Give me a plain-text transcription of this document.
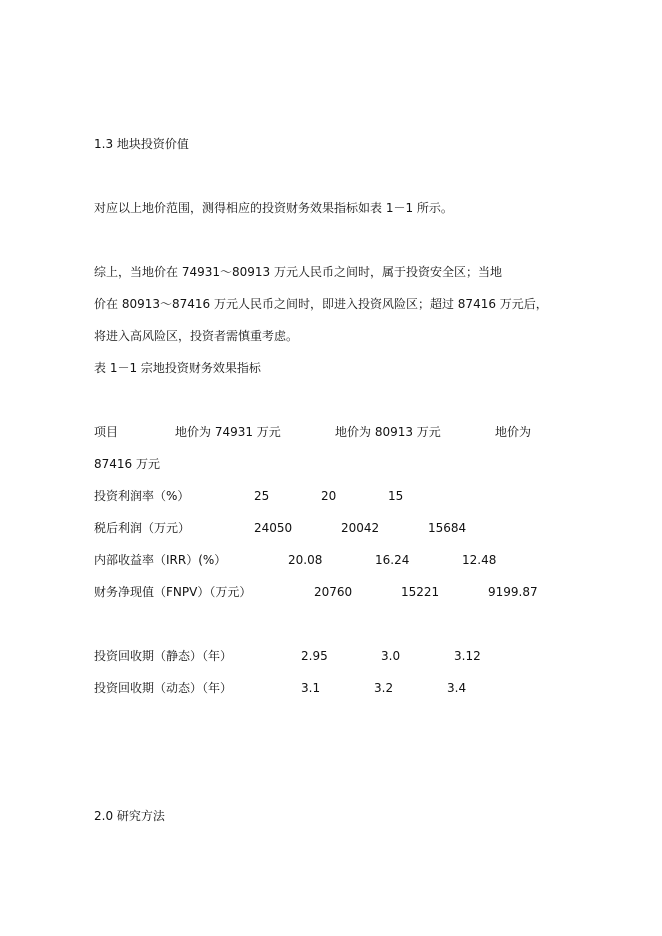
1.3 地块投资价值
对应以上地价范围，测得相应的投资财务效果指标如表 1－1 所示。
综上，当地价在 74931～80913 万元人民币之间时，属于投资安全区；当地
价在 80913～87416 万元人民币之间时，即进入投资风险区；超过 87416 万元后，
将进入高风险区，投资者需慎重考虑。
表 1－1 宗地投资财务效果指标
项目	地价为 74931 万元	地价为 80913 万元	地价为
87416 万元
投资利润率（%）	25	20	15
税后利润（万元）	24050	20042	15684
内部收益率（IRR）(%）	20.08	16.24	12.48
财务净现值（FNPV）（万元）	20760	15221	9199.87
投资回收期（静态）（年）	2.95	3.0	3.12
投资回收期（动态）（年）	3.1	3.2	3.4
2.0 研究方法
